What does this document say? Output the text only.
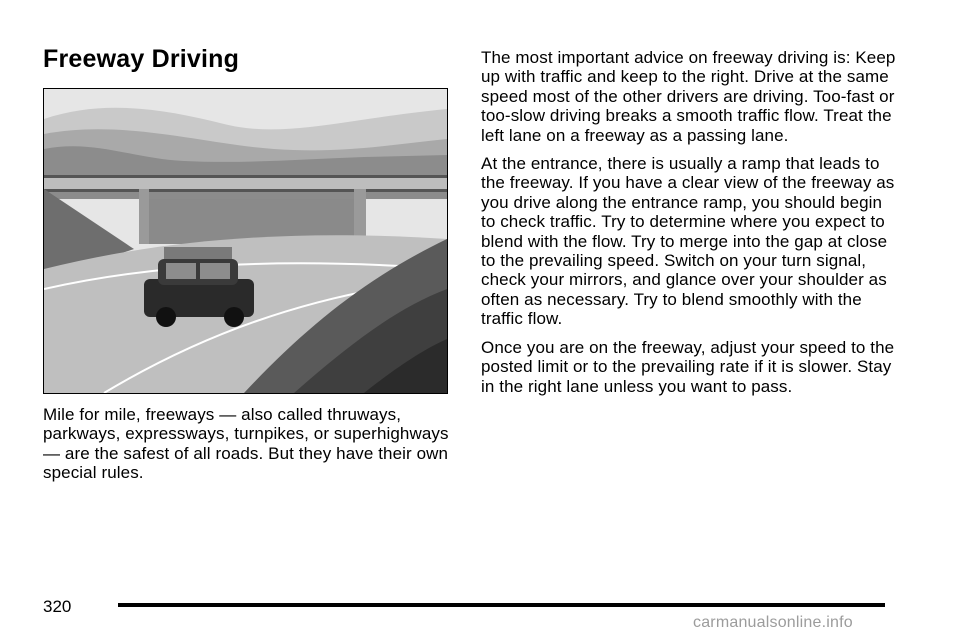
Freeway Driving

Mile for mile, freeways — also called thruways, parkways, expressways, turnpikes, or superhighways — are the safest of all roads. But they have their own special rules.

The most important advice on freeway driving is: Keep up with traffic and keep to the right. Drive at the same speed most of the other drivers are driving. Too-fast or too-slow driving breaks a smooth traffic flow. Treat the left lane on a freeway as a passing lane.

At the entrance, there is usually a ramp that leads to the freeway. If you have a clear view of the freeway as you drive along the entrance ramp, you should begin to check traffic. Try to determine where you expect to blend with the flow. Try to merge into the gap at close to the prevailing speed. Switch on your turn signal, check your mirrors, and glance over your shoulder as often as necessary. Try to blend smoothly with the traffic flow.

Once you are on the freeway, adjust your speed to the posted limit or to the prevailing rate if it is slower. Stay in the right lane unless you want to pass.

320
carmanualsonline.info
